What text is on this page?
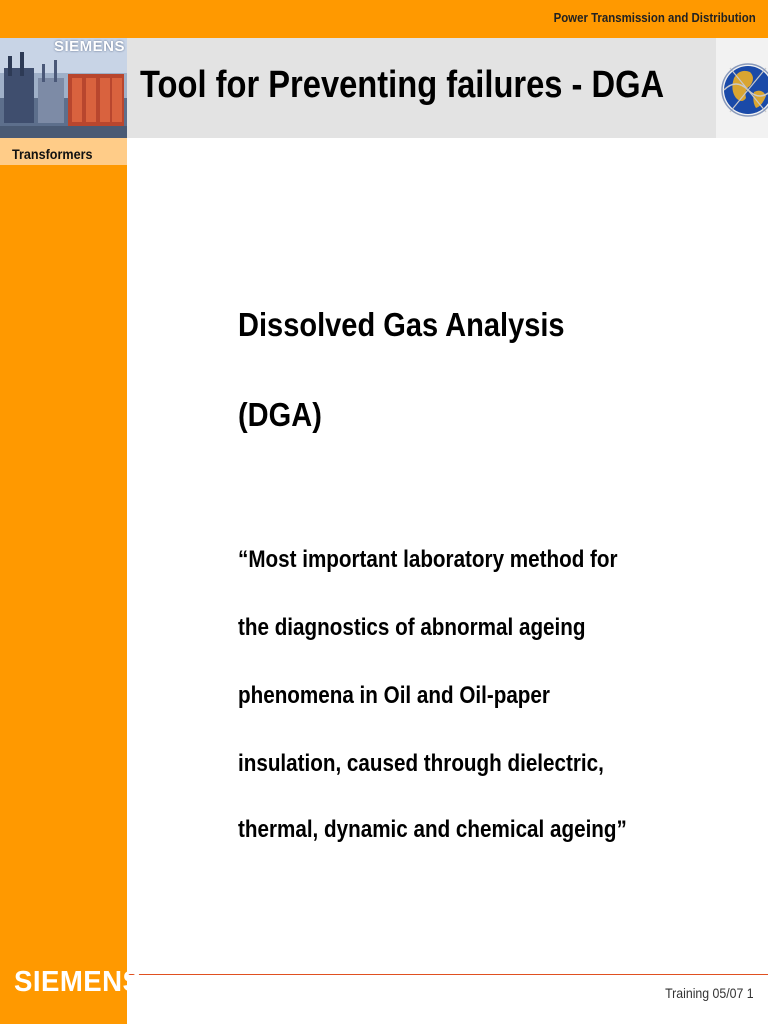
Power Transmission and Distribution
SIEMENS
Transformers
Tool for Preventing failures - DGA
Dissolved Gas Analysis
(DGA)
“Most important laboratory method for
the diagnostics of abnormal ageing
phenomena in Oil and Oil-paper
insulation, caused through dielectric,
thermal, dynamic and chemical ageing”
SIEMENS	Training 05/07 1
